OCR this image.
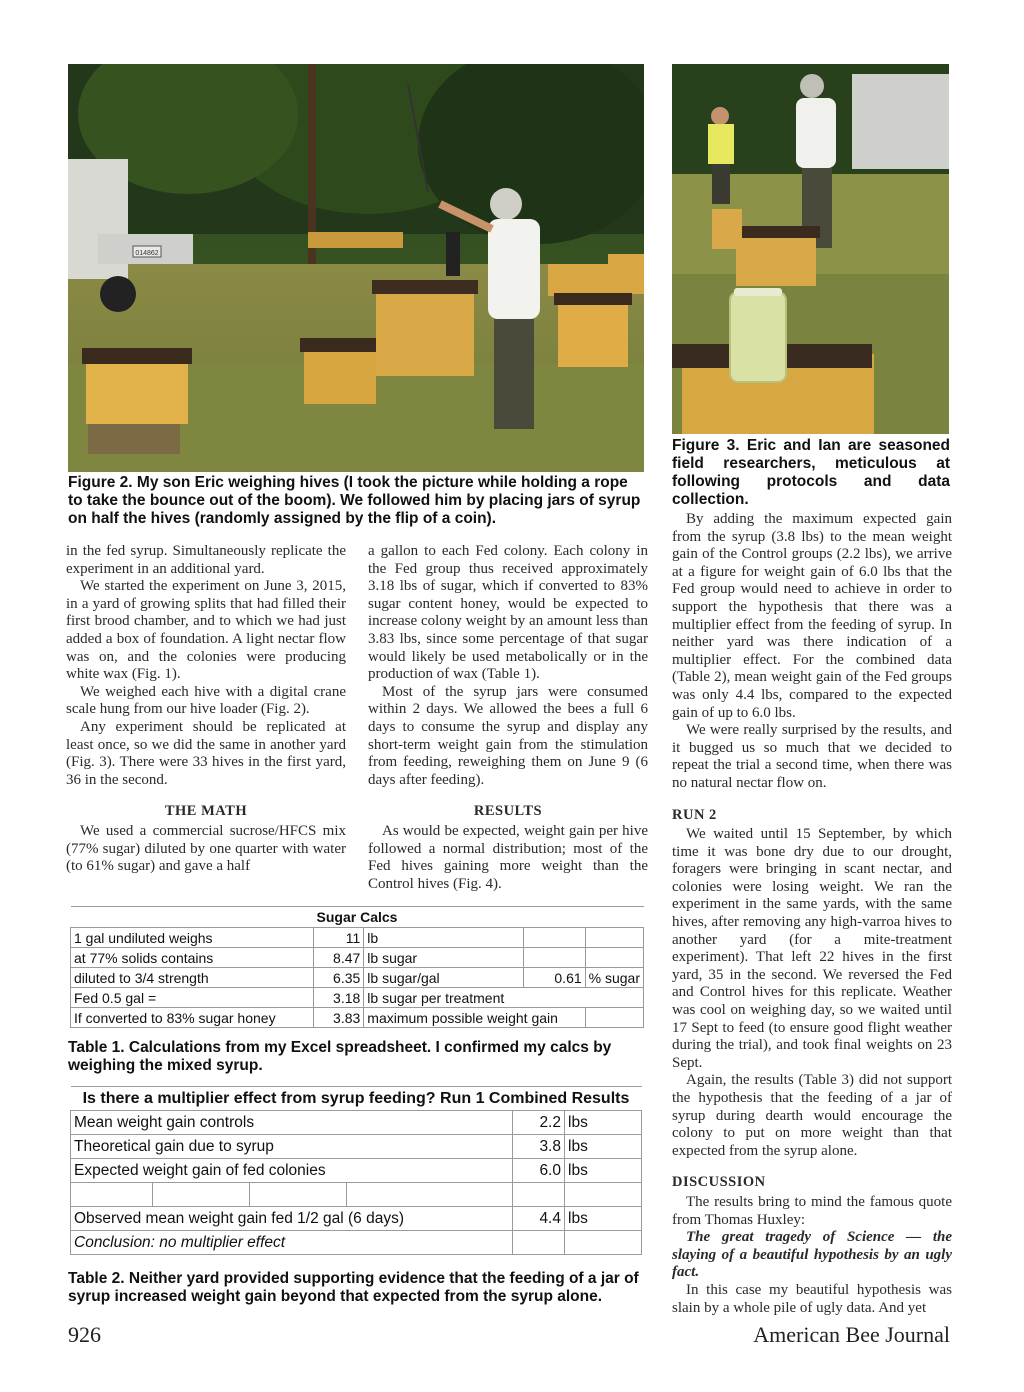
014862
Figure 2. My son Eric weighing hives (I took the picture while holding a rope to take the bounce out of the boom). We followed him by placing jars of syrup on half the hives (randomly assigned by the flip of a coin).
Figure 3. Eric and Ian are seasoned field researchers, meticulous at following protocols and data collection.

in the fed syrup. Simultaneously replicate the experiment in an additional yard.

We started the experiment on June 3, 2015, in a yard of growing splits that had filled their first brood chamber, and to which we had just added a box of foundation. A light nectar flow was on, and the colonies were producing white wax (Fig. 1).

We weighed each hive with a digital crane scale hung from our hive loader (Fig. 2).

Any experiment should be replicated at least once, so we did the same in another yard (Fig. 3). There were 33 hives in the first yard, 36 in the second.

THE MATH

We used a commercial sucrose/HFCS mix (77% sugar) diluted by one quarter with water (to 61% sugar) and gave a half

a gallon to each Fed colony. Each colony in the Fed group thus received approximately 3.18 lbs of sugar, which if converted to 83% sugar content honey, would be expected to increase colony weight by an amount less than 3.83 lbs, since some percentage of that sugar would likely be used metabolically or in the production of wax (Table 1).

Most of the syrup jars were consumed within 2 days. We allowed the bees a full 6 days to consume the syrup and display any short-term weight gain from the stimulation from feeding, reweighing them on June 9 (6 days after feeding).

RESULTS

As would be expected, weight gain per hive followed a normal distribution; most of the Fed hives gaining more weight than the Control hives (Fig. 4).

By adding the maximum expected gain from the syrup (3.8 lbs) to the mean weight gain of the Control groups (2.2 lbs), we arrive at a figure for weight gain of 6.0 lbs that the Fed group would need to achieve in order to support the hypothesis that there was a multiplier effect from the feeding of syrup. In neither yard was there indication of a multiplier effect. For the combined data (Table 2), mean weight gain of the Fed groups was only 4.4 lbs, compared to the expected gain of up to 6.0 lbs.

We were really surprised by the results, and it bugged us so much that we decided to repeat the trial a second time, when there was no natural nectar flow on.

RUN 2

We waited until 15 September, by which time it was bone dry due to our drought, foragers were bringing in scant nectar, and colonies were losing weight. We ran the experiment in the same yards, with the same hives, after removing any high-varroa hives to another yard (for a mite-treatment experiment). That left 22 hives in the first yard, 35 in the second. We reversed the Fed and Control hives for this replicate. Weather was cool on weighing day, so we waited until 17 Sept to feed (to ensure good flight weather during the trial), and took final weights on 23 Sept.

Again, the results (Table 3) did not support the hypothesis that the feeding of a jar of syrup during dearth would encourage the colony to put on more weight than that expected from the syrup alone.

DISCUSSION

The results bring to mind the famous quote from Thomas Huxley:

The great tragedy of Science — the slaying of a beautiful hypothesis by an ugly fact.

In this case my beautiful hypothesis was slain by a whole pile of ugly data. And yet

Sugar Calcs				
1 gal undiluted weighs	11	lb		
at 77% solids contains	8.47	lb sugar		
diluted to 3/4 strength	6.35	lb sugar/gal	0.61	% sugar
Fed 0.5 gal =	3.18	lb sugar per treatment		
If converted to 83% sugar honey	3.83	maximum possible weight gain		
Table 1. Calculations from my Excel spreadsheet. I confirmed my calcs by weighing the mixed syrup.
Is there a multiplier effect from syrup feeding? Run 1 Combined Results					
Mean weight gain controls				2.2	lbs
Theoretical gain due to syrup				3.8	lbs
Expected weight gain of fed colonies				6.0	lbs

Observed mean weight gain fed 1/2 gal (6 days)				4.4	lbs
Conclusion: no multiplier effect					
Table 2. Neither yard provided supporting evidence that the feeding of a jar of syrup increased weight gain beyond that expected from the syrup alone.
926	American Bee Journal
